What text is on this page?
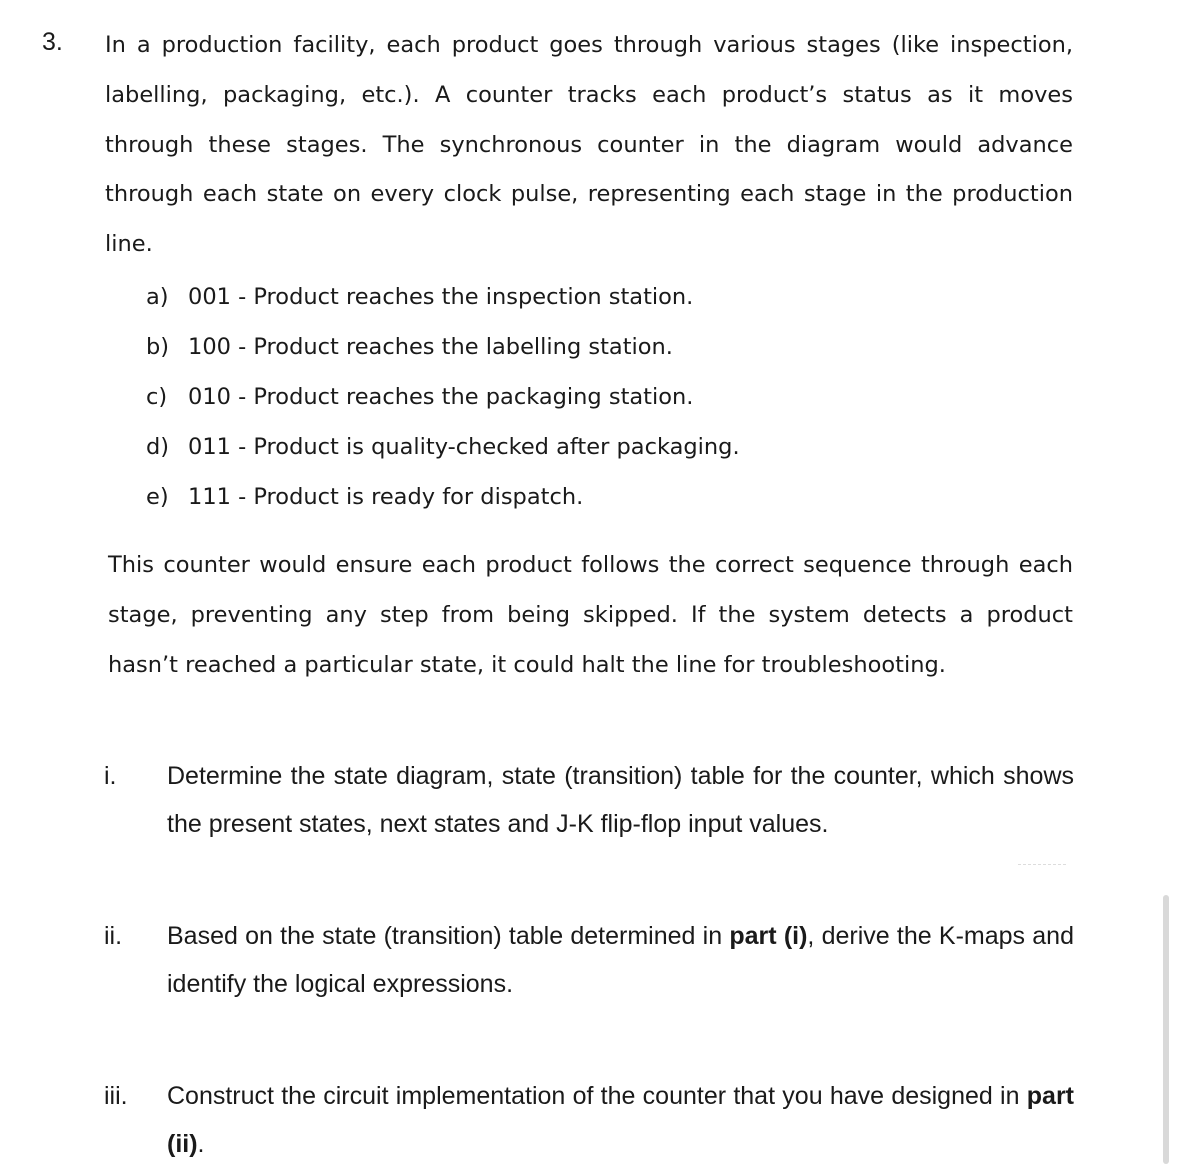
3. In a production facility, each product goes through various stages (like inspection, labelling, packaging, etc.). A counter tracks each product’s status as it moves through these stages. The synchronous counter in the diagram would advance through each state on every clock pulse, representing each stage in the production line.

a) 001 - Product reaches the inspection station.
b) 100 - Product reaches the labelling station.
c) 010 - Product reaches the packaging station.
d) 011 - Product is quality-checked after packaging.
e) 111 - Product is ready for dispatch.

This counter would ensure each product follows the correct sequence through each stage, preventing any step from being skipped. If the system detects a product hasn’t reached a particular state, it could halt the line for troubleshooting.

i. Determine the state diagram, state (transition) table for the counter, which shows the present states, next states and J-K flip-flop input values.
ii. Based on the state (transition) table determined in part (i), derive the K-maps and identify the logical expressions.
iii. Construct the circuit implementation of the counter that you have designed in part (ii).
